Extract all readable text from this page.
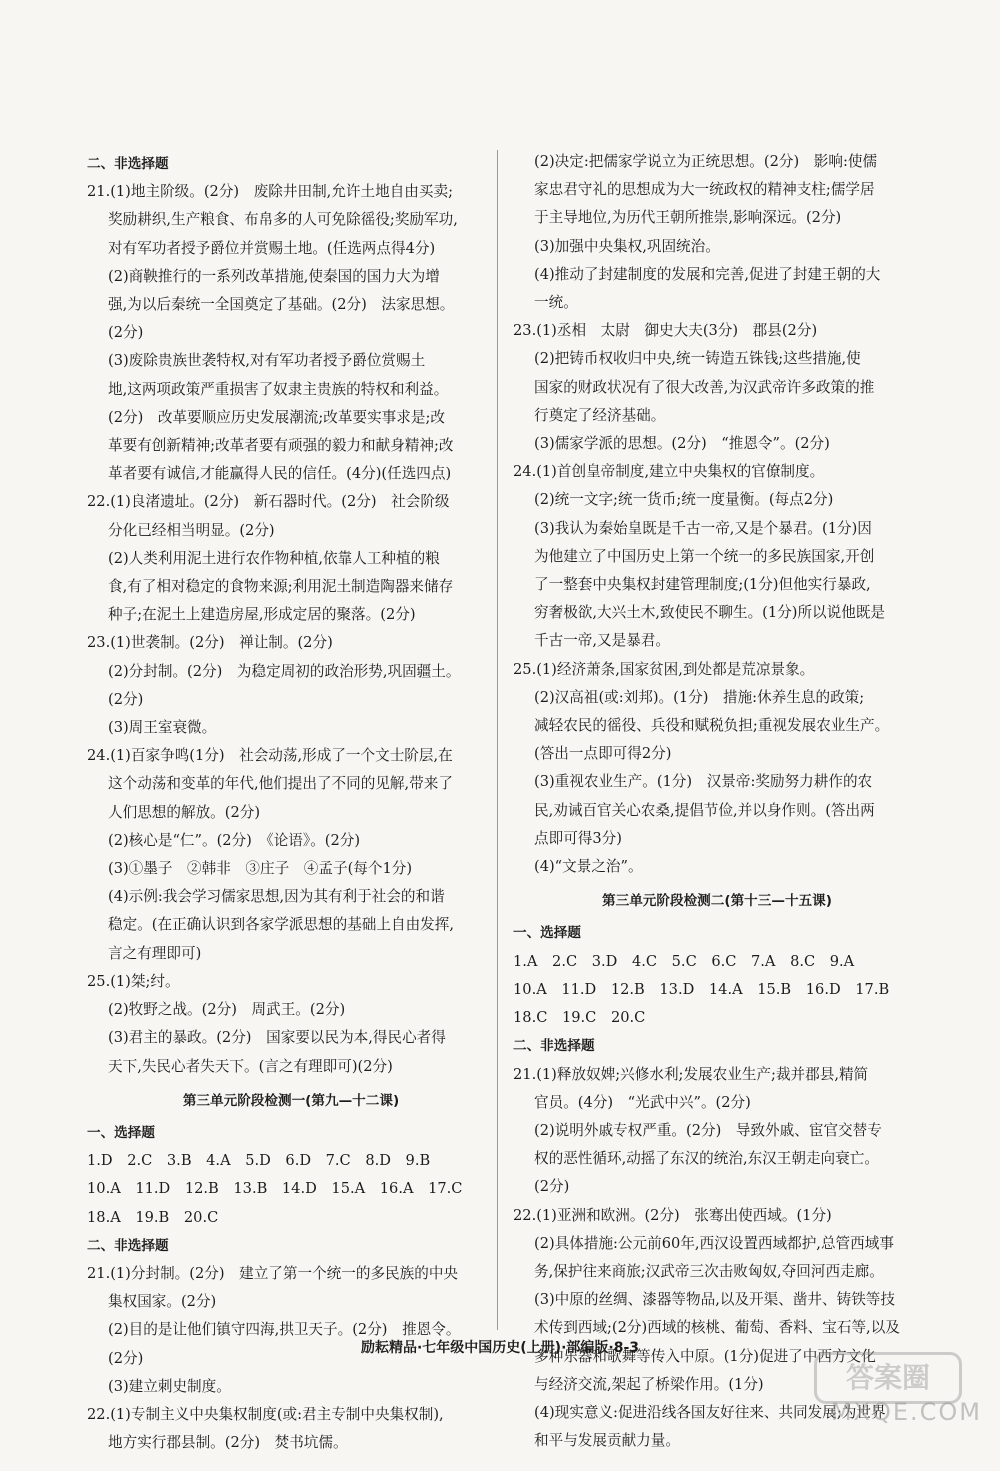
二、非选择题

21.(1)地主阶级。(2分)　废除井田制,允许土地自由买卖;

奖励耕织,生产粮食、布帛多的人可免除徭役;奖励军功,

对有军功者授予爵位并赏赐土地。(任选两点得4分)

(2)商鞅推行的一系列改革措施,使秦国的国力大为增

强,为以后秦统一全国奠定了基础。(2分)　法家思想。

(2分)

(3)废除贵族世袭特权,对有军功者授予爵位赏赐土

地,这两项政策严重损害了奴隶主贵族的特权和利益。

(2分)　改革要顺应历史发展潮流;改革要实事求是;改

革要有创新精神;改革者要有顽强的毅力和献身精神;改

革者要有诚信,才能赢得人民的信任。(4分)(任选四点)

22.(1)良渚遗址。(2分)　新石器时代。(2分)　社会阶级

分化已经相当明显。(2分)

(2)人类利用泥土进行农作物种植,依靠人工种植的粮

食,有了相对稳定的食物来源;利用泥土制造陶器来储存

种子;在泥土上建造房屋,形成定居的聚落。(2分)

23.(1)世袭制。(2分)　禅让制。(2分)

(2)分封制。(2分)　为稳定周初的政治形势,巩固疆土。

(2分)

(3)周王室衰微。

24.(1)百家争鸣(1分)　社会动荡,形成了一个文士阶层,在

这个动荡和变革的年代,他们提出了不同的见解,带来了

人们思想的解放。(2分)

(2)核心是“仁”。(2分)　《论语》。(2分)

(3)①墨子　②韩非　③庄子　④孟子(每个1分)

(4)示例:我会学习儒家思想,因为其有利于社会的和谐

稳定。(在正确认识到各家学派思想的基础上自由发挥,

言之有理即可)

25.(1)桀;纣。

(2)牧野之战。(2分)　周武王。(2分)

(3)君主的暴政。(2分)　国家要以民为本,得民心者得

天下,失民心者失天下。(言之有理即可)(2分)

第三单元阶段检测一(第九—十二课)

一、选择题

1.D　2.C　3.B　4.A　5.D　6.D　7.C　8.D　9.B

10.A　11.D　12.B　13.B　14.D　15.A　16.A　17.C

18.A　19.B　20.C

二、非选择题

21.(1)分封制。(2分)　建立了第一个统一的多民族的中央

集权国家。(2分)

(2)目的是让他们镇守四海,拱卫天子。(2分)　推恩令。

(2分)

(3)建立刺史制度。

22.(1)专制主义中央集权制度(或:君主专制中央集权制),

地方实行郡县制。(2分)　焚书坑儒。

(2)决定:把儒家学说立为正统思想。(2分)　影响:使儒

家忠君守礼的思想成为大一统政权的精神支柱;儒学居

于主导地位,为历代王朝所推崇,影响深远。(2分)

(3)加强中央集权,巩固统治。

(4)推动了封建制度的发展和完善,促进了封建王朝的大

一统。

23.(1)丞相　太尉　御史大夫(3分)　郡县(2分)

(2)把铸币权收归中央,统一铸造五铢钱;这些措施,使

国家的财政状况有了很大改善,为汉武帝许多政策的推

行奠定了经济基础。

(3)儒家学派的思想。(2分)　“推恩令”。(2分)

24.(1)首创皇帝制度,建立中央集权的官僚制度。

(2)统一文字;统一货币;统一度量衡。(每点2分)

(3)我认为秦始皇既是千古一帝,又是个暴君。(1分)因

为他建立了中国历史上第一个统一的多民族国家,开创

了一整套中央集权封建管理制度;(1分)但他实行暴政,

穷奢极欲,大兴土木,致使民不聊生。(1分)所以说他既是

千古一帝,又是暴君。

25.(1)经济萧条,国家贫困,到处都是荒凉景象。

(2)汉高祖(或:刘邦)。(1分)　措施:休养生息的政策;

减轻农民的徭役、兵役和赋税负担;重视发展农业生产。

(答出一点即可得2分)

(3)重视农业生产。(1分)　汉景帝:奖励努力耕作的农

民,劝诫百官关心农桑,提倡节俭,并以身作则。(答出两

点即可得3分)

(4)“文景之治”。

第三单元阶段检测二(第十三—十五课)

一、选择题

1.A　2.C　3.D　4.C　5.C　6.C　7.A　8.C　9.A

10.A　11.D　12.B　13.D　14.A　15.B　16.D　17.B

18.C　19.C　20.C

二、非选择题

21.(1)释放奴婢;兴修水利;发展农业生产;裁并郡县,精简

官员。(4分)　“光武中兴”。(2分)

(2)说明外戚专权严重。(2分)　导致外戚、宦官交替专

权的恶性循环,动摇了东汉的统治,东汉王朝走向衰亡。

(2分)

22.(1)亚洲和欧洲。(2分)　张骞出使西域。(1分)

(2)具体措施:公元前60年,西汉设置西域都护,总管西域事

务,保护往来商旅;汉武帝三次击败匈奴,夺回河西走廊。

(3)中原的丝绸、漆器等物品,以及开渠、凿井、铸铁等技

术传到西域;(2分)西域的核桃、葡萄、香料、宝石等,以及

多种乐器和歌舞等传入中原。(1分)促进了中西方文化

与经济交流,架起了桥梁作用。(1分)

(4)现实意义:促进沿线各国友好往来、共同发展;为世界

和平与发展贡献力量。

励耘精品·七年级中国历史(上册)·部编版·8-3
答案圈
MXQE.COM
